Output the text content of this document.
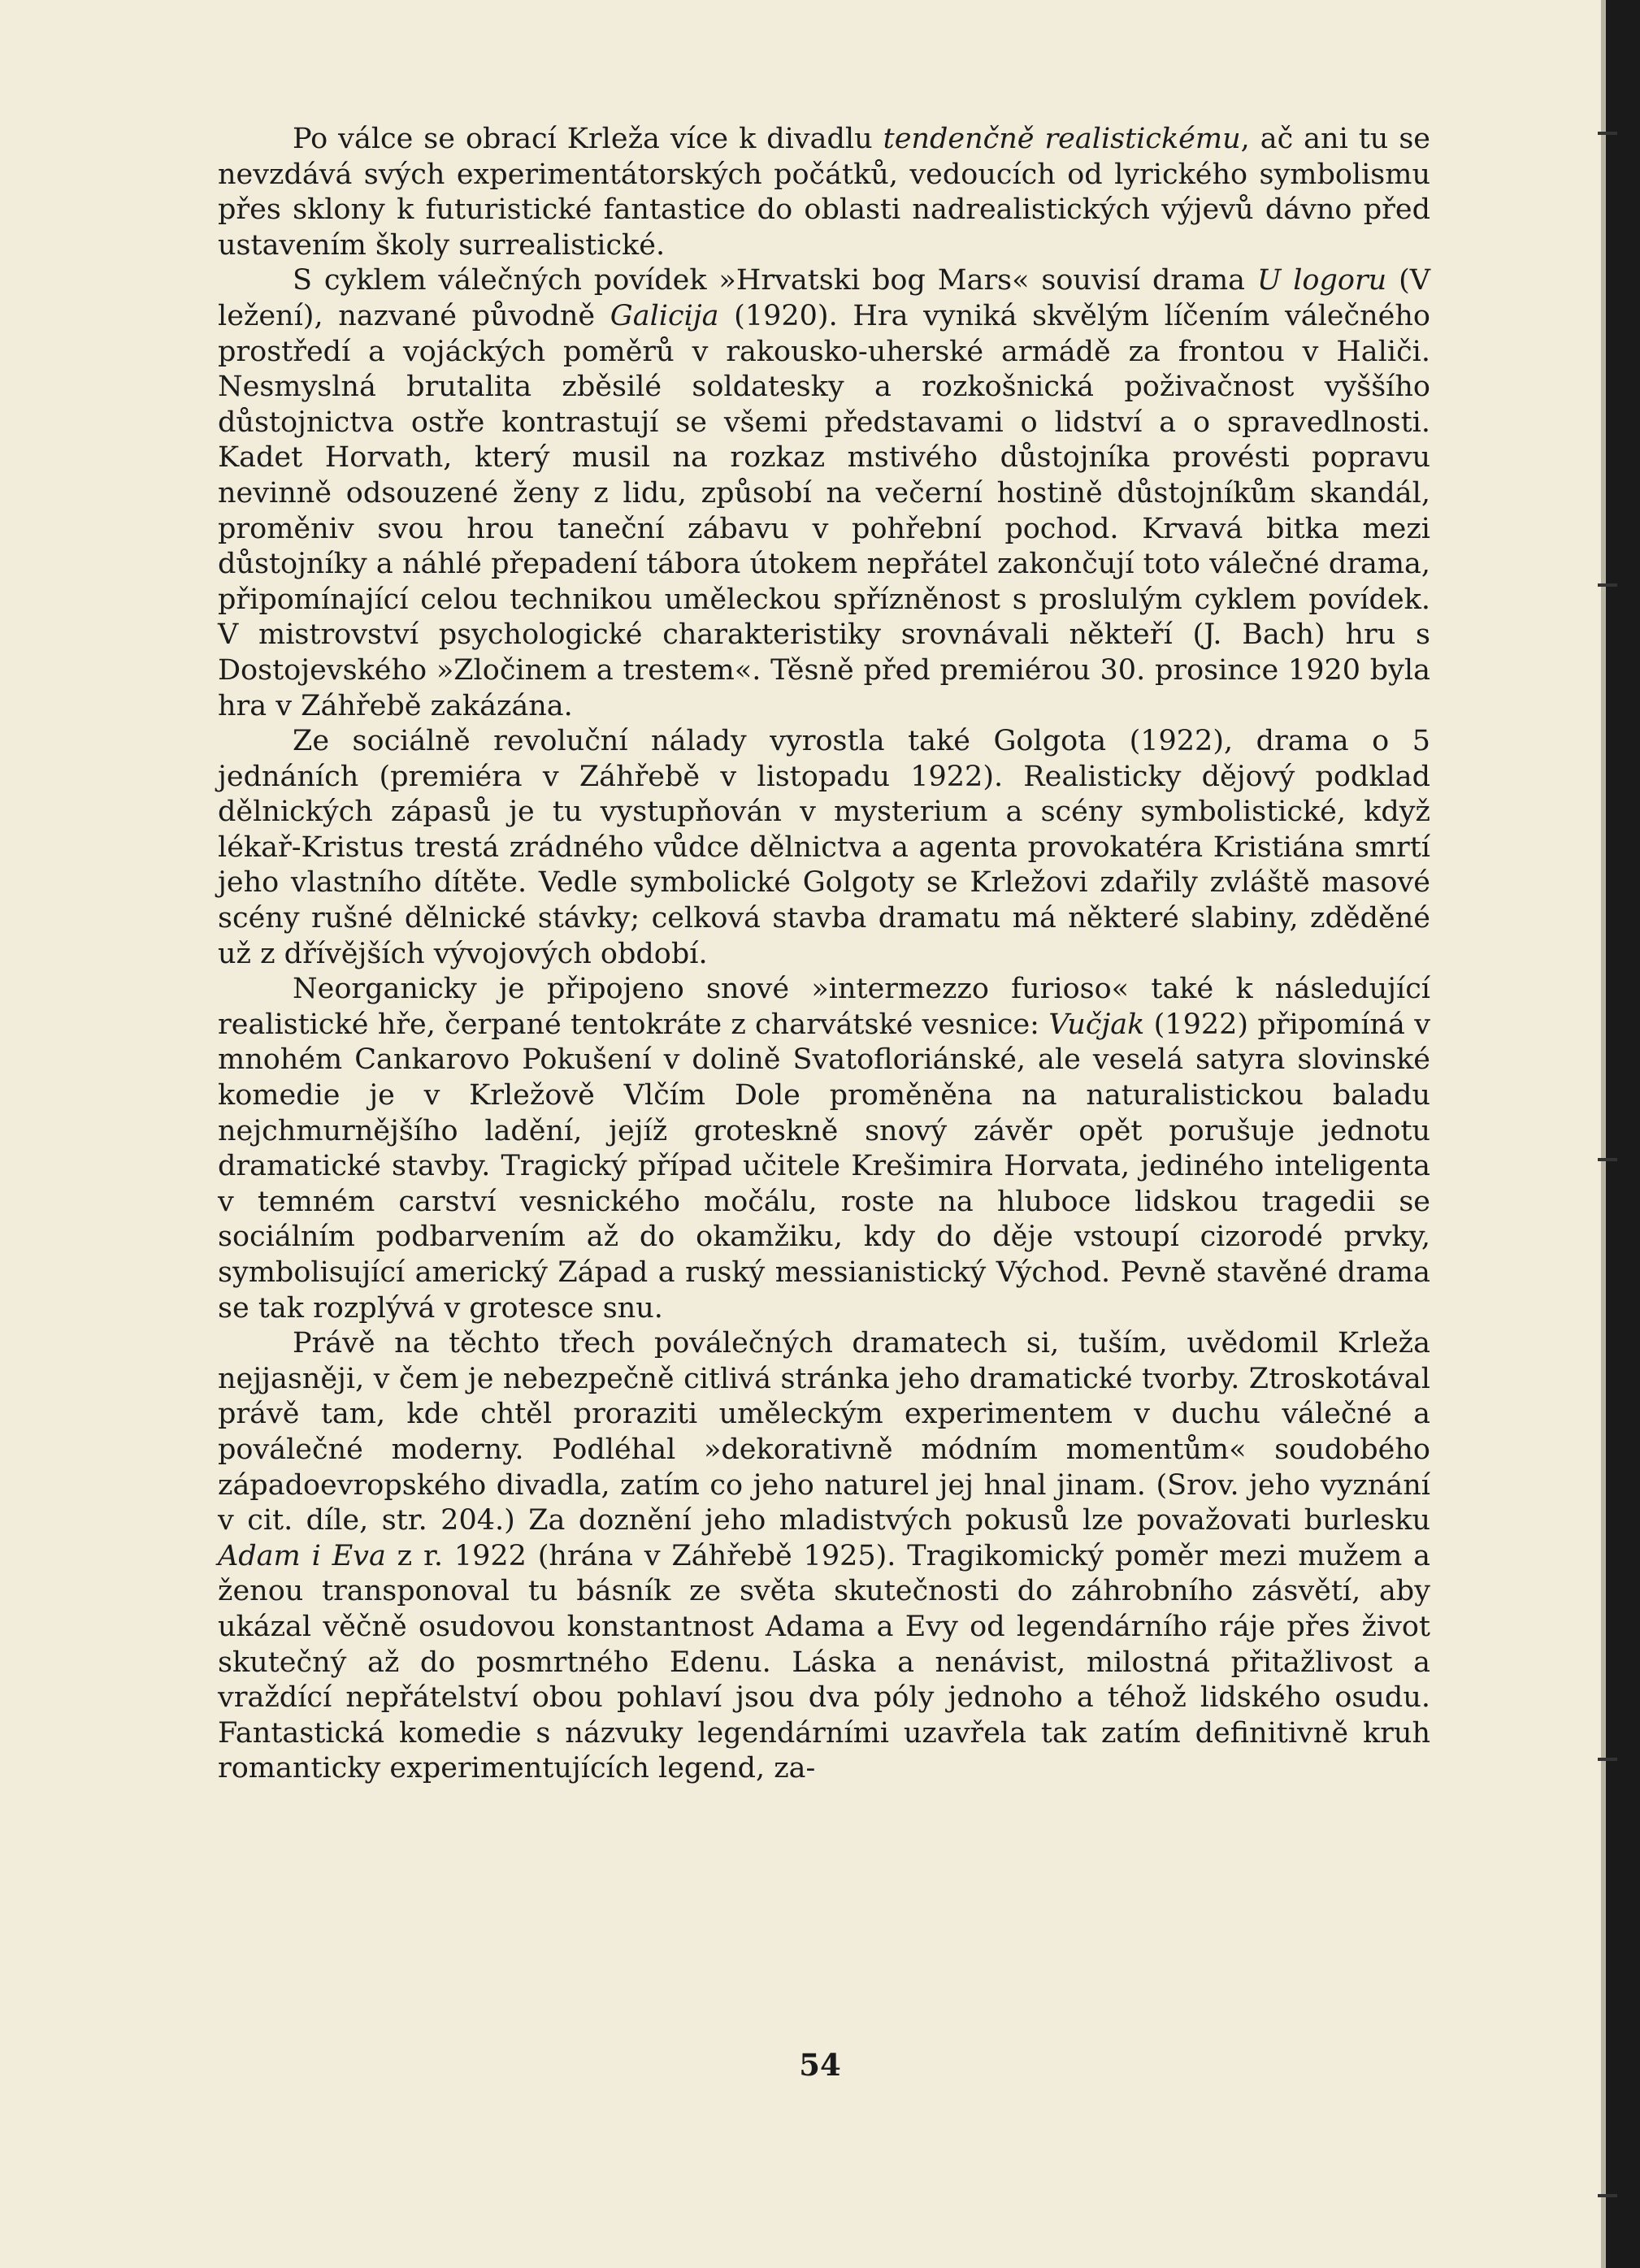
Po válce se obrací Krleža více k divadlu tendenčně realistickému, ač ani tu se nevzdává svých experimentátorských počátků, vedoucích od lyrického symbolismu přes sklony k futuristické fantastice do oblasti nadrealistických výjevů dávno před ustavením školy surrealistické.

S cyklem válečných povídek »Hrvatski bog Mars« souvisí drama U logoru (V ležení), nazvané původně Galicija (1920). Hra vyniká skvělým líčením válečného prostředí a vojáckých poměrů v rakousko-uherské armádě za frontou v Haliči. Nesmyslná brutalita zběsilé soldatesky a rozkošnická poživačnost vyššího důstojnictva ostře kontrastují se všemi představami o lidství a o spravedlnosti. Kadet Horvath, který musil na rozkaz mstivého důstojníka provésti popravu nevinně odsouzené ženy z lidu, způsobí na večerní hostině důstojníkům skandál, proměniv svou hrou taneční zábavu v pohřební pochod. Krvavá bitka mezi důstojníky a náhlé přepadení tábora útokem nepřátel zakončují toto válečné drama, připomínající celou technikou uměleckou spřízněnost s proslulým cyklem povídek. V mistrovství psychologické charakteristiky srovnávali někteří (J. Bach) hru s Dostojevského »Zločinem a trestem«. Těsně před premiérou 30. prosince 1920 byla hra v Záhřebě zakázána.

Ze sociálně revoluční nálady vyrostla také Golgota (1922), drama o 5 jednáních (premiéra v Záhřebě v listopadu 1922). Realisticky dějový podklad dělnických zápasů je tu vystupňován v mysterium a scény symbolistické, když lékař-Kristus trestá zrádného vůdce dělnictva a agenta provokatéra Kristiána smrtí jeho vlastního dítěte. Vedle symbolické Golgoty se Krležovi zdařily zvláště masové scény rušné dělnické stávky; celková stavba dramatu má některé slabiny, zděděné už z dřívějších vývojových období.

Neorganicky je připojeno snové »intermezzo furioso« také k následující realistické hře, čerpané tentokráte z charvátské vesnice: Vučjak (1922) připomíná v mnohém Cankarovo Pokušení v dolině Svatofloriánské, ale veselá satyra slovinské komedie je v Krležově Vlčím Dole proměněna na naturalistickou baladu nejchmurnějšího ladění, jejíž groteskně snový závěr opět porušuje jednotu dramatické stavby. Tragický případ učitele Krešimira Horvata, jediného inteligenta v temném carství vesnického močálu, roste na hluboce lidskou tragedii se sociálním podbarvením až do okamžiku, kdy do děje vstoupí cizorodé prvky, symbolisující americký Západ a ruský messianistický Východ. Pevně stavěné drama se tak rozplývá v grotesce snu.

Právě na těchto třech poválečných dramatech si, tuším, uvědomil Krleža nejjasněji, v čem je nebezpečně citlivá stránka jeho dramatické tvorby. Ztroskotával právě tam, kde chtěl proraziti uměleckým experimentem v duchu válečné a poválečné moderny. Podléhal »dekorativně módním momentům« soudobého západoevropského divadla, zatím co jeho naturel jej hnal jinam. (Srov. jeho vyznání v cit. díle, str. 204.) Za doznění jeho mladistvých pokusů lze považovati burlesku Adam i Eva z r. 1922 (hrána v Záhřebě 1925). Tragikomický poměr mezi mužem a ženou transponoval tu básník ze světa skutečnosti do záhrobního zásvětí, aby ukázal věčně osudovou konstantnost Adama a Evy od legendárního ráje přes život skutečný až do posmrtného Edenu. Láska a nenávist, milostná přitažlivost a vraždící nepřátelství obou pohlaví jsou dva póly jednoho a téhož lidského osudu. Fantastická komedie s názvuky legendárními uzavřela tak zatím definitivně kruh romanticky experimentujících legend, za-

54
